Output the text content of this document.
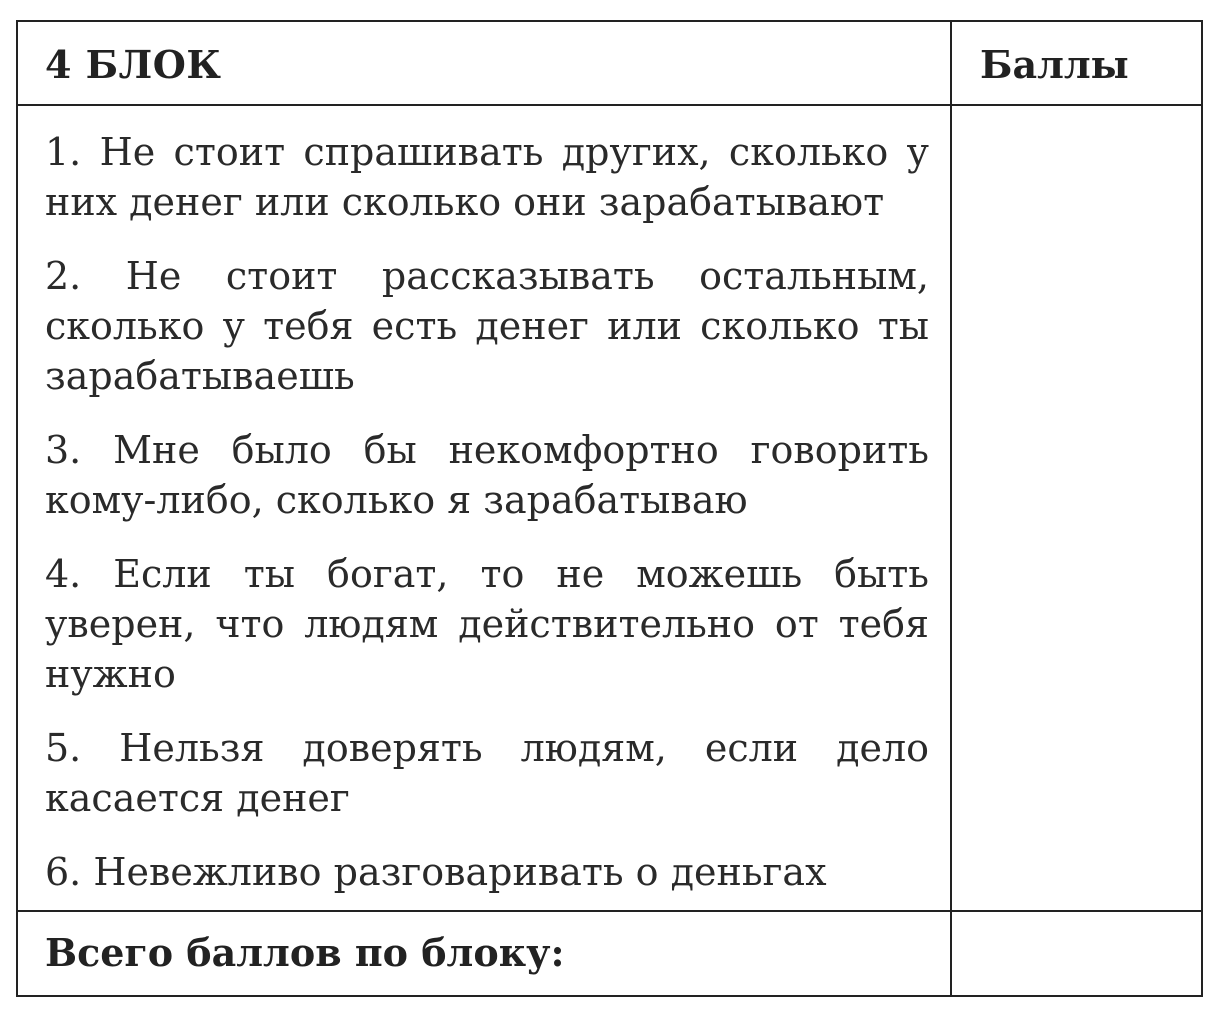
4 БЛОК	Баллы
1. Не стоит спрашивать других, сколько у них денег или сколько они зарабатывают
2. Не стоит рассказывать остальным, сколько у тебя есть денег или сколько ты зарабатываешь
3. Мне было бы некомфортно говорить кому-либо, сколько я зарабатываю
4. Если ты богат, то не можешь быть уверен, что людям действительно от тебя нужно
5. Нельзя доверять людям, если дело касается денег
6. Невежливо разговаривать о деньгах
Всего баллов по блоку:
